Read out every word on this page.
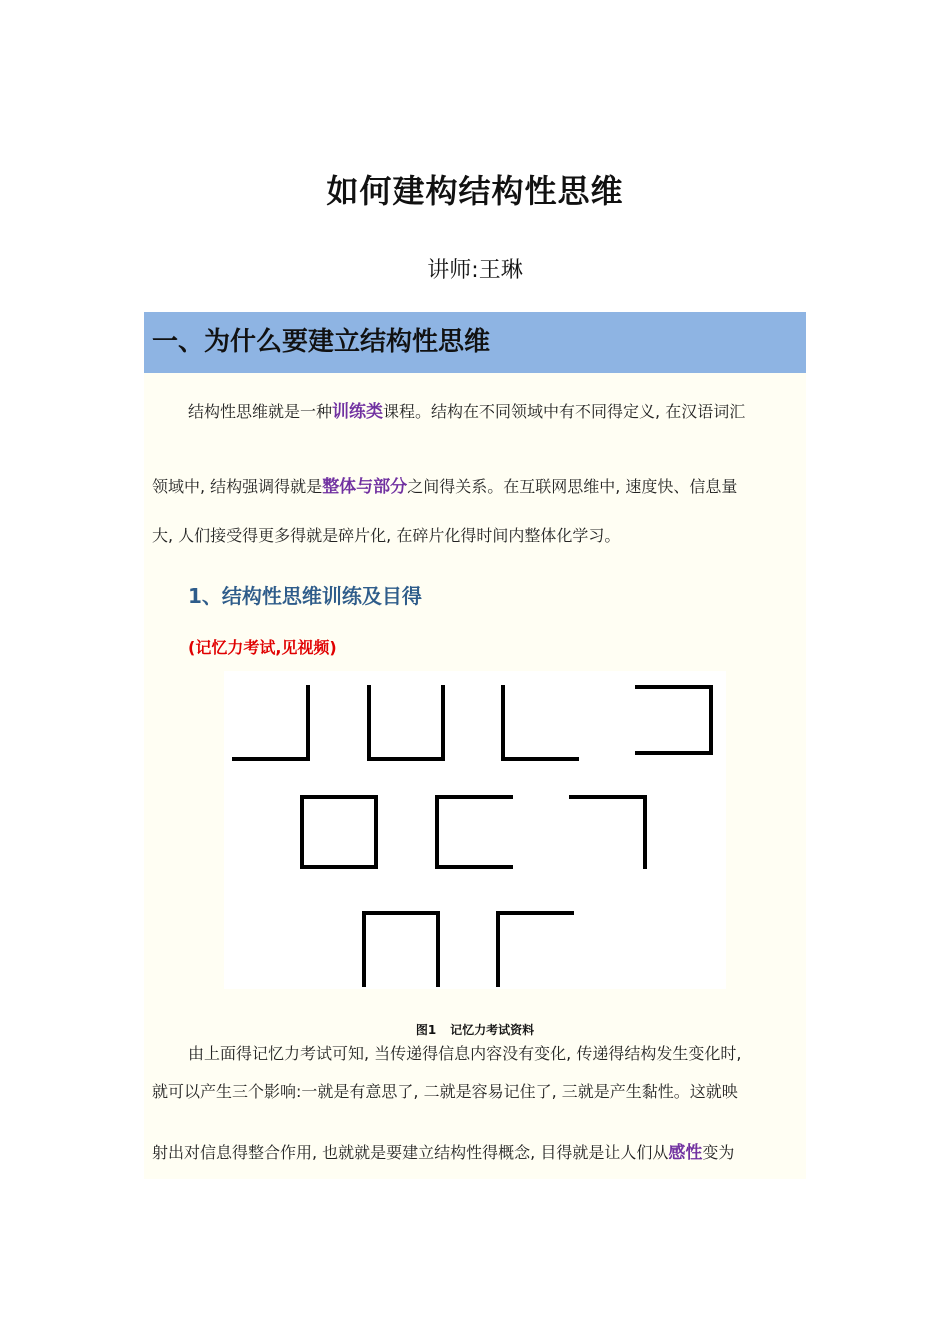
如何建构结构性思维
讲师:王琳
一、为什么要建立结构性思维
结构性思维就是一种训练类课程。结构在不同领域中有不同得定义, 在汉语词汇
领域中, 结构强调得就是整体与部分之间得关系。在互联网思维中, 速度快、信息量
大, 人们接受得更多得就是碎片化, 在碎片化得时间内整体化学习。
1、结构性思维训练及目得
(记忆力考试,见视频)
图1 记忆力考试资料
由上面得记忆力考试可知, 当传递得信息内容没有变化, 传递得结构发生变化时,
就可以产生三个影响:一就是有意思了, 二就是容易记住了, 三就是产生黏性。这就映
射出对信息得整合作用, 也就就是要建立结构性得概念, 目得就是让人们从感性变为
